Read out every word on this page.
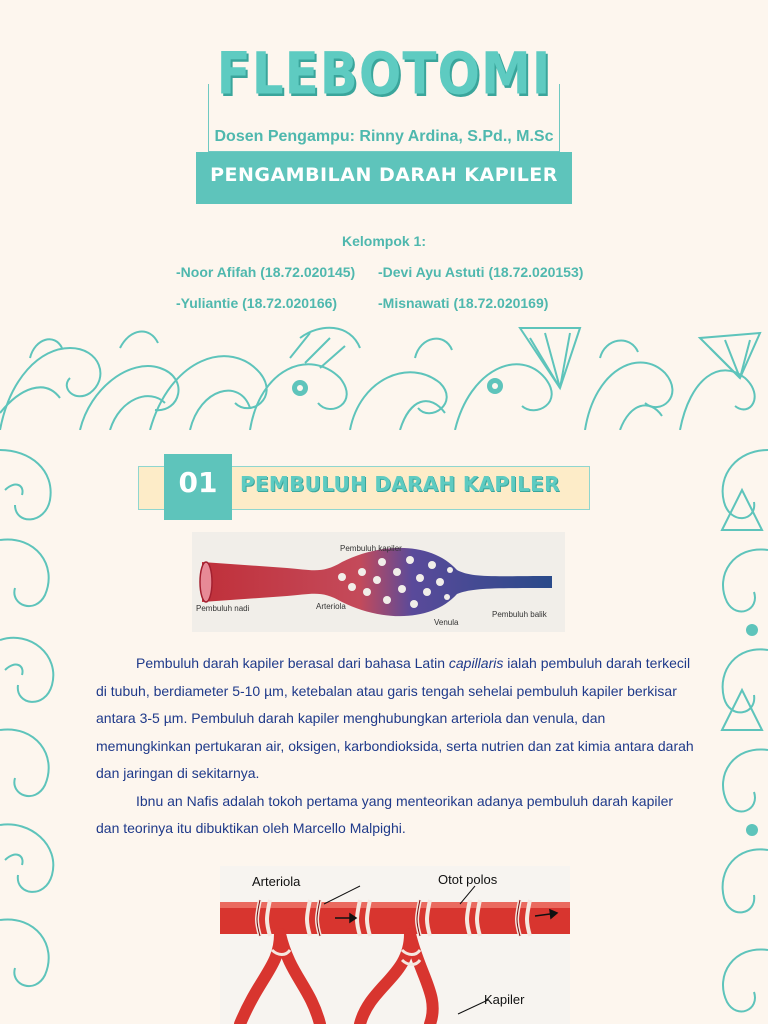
FLEBOTOMI
Dosen Pengampu: Rinny Ardina, S.Pd., M.Sc
PENGAMBILAN DARAH KAPILER
Kelompok 1:
-Noor Afifah (18.72.020145) -Devi Ayu Astuti (18.72.020153)
-Yuliantie (18.72.020166)	-Misnawati (18.72.020169)
01	PEMBULUH DARAH KAPILER
Pembuluh kapiler
Pembuluh nadi	Arteriola
Venula
Pembuluh balik

Pembuluh darah kapiler berasal dari bahasa Latin capillaris ialah pembuluh darah terkecil di tubuh, berdiameter 5-10 µm, ketebalan atau garis tengah sehelai pembuluh kapiler berkisar antara 3-5 µm. Pembuluh darah kapiler menghubungkan arteriola dan venula, dan memungkinkan pertukaran air, oksigen, karbondioksida, serta nutrien dan zat kimia antara darah dan jaringan di sekitarnya.

Ibnu an Nafis adalah tokoh pertama yang menteorikan adanya pembuluh darah kapiler dan teorinya itu dibuktikan oleh Marcello Malpighi.

Arteriola	Otot polos
Kapiler
